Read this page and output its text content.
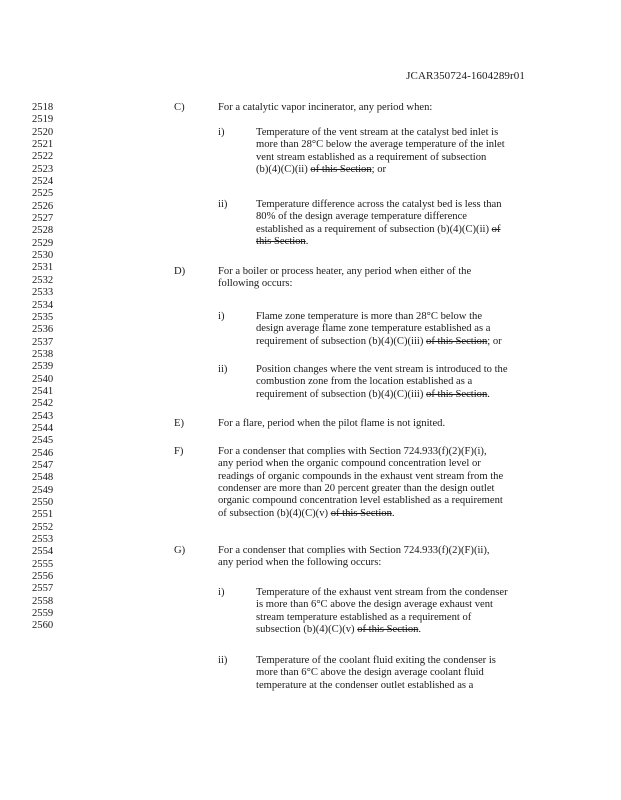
JCAR350724-1604289r01
2518
2519
2520
2521
2522
2523
2524
2525
2526
2527
2528
2529
2530
2531
2532
2533
2534
2535
2536
2537
2538
2539
2540
2541
2542
2543
2544
2545
2546
2547
2548
2549
2550
2551
2552
2553
2554
2555
2556
2557
2558
2559
2560
C)	For a catalytic vapor incinerator, any period when:
i)	Temperature of the vent stream at the catalyst bed inlet is
more than 28°C below the average temperature of the inlet
vent stream established as a requirement of subsection
(b)(4)(C)(ii) of this Section; or
ii)	Temperature difference across the catalyst bed is less than
80% of the design average temperature difference
established as a requirement of subsection (b)(4)(C)(ii) of
this Section.
D)	For a boiler or process heater, any period when either of the
following occurs:
i)	Flame zone temperature is more than 28°C below the
design average flame zone temperature established as a
requirement of subsection (b)(4)(C)(iii) of this Section; or
ii)	Position changes where the vent stream is introduced to the
combustion zone from the location established as a
requirement of subsection (b)(4)(C)(iii) of this Section.
E)	For a flare, period when the pilot flame is not ignited.
F)	For a condenser that complies with Section 724.933(f)(2)(F)(i),
any period when the organic compound concentration level or
readings of organic compounds in the exhaust vent stream from the
condenser are more than 20 percent greater than the design outlet
organic compound concentration level established as a requirement
of subsection (b)(4)(C)(v) of this Section.
G)	For a condenser that complies with Section 724.933(f)(2)(F)(ii),
any period when the following occurs:
i)	Temperature of the exhaust vent stream from the condenser
is more than 6°C above the design average exhaust vent
stream temperature established as a requirement of
subsection (b)(4)(C)(v) of this Section.
ii)	Temperature of the coolant fluid exiting the condenser is
more than 6°C above the design average coolant fluid
temperature at the condenser outlet established as a
